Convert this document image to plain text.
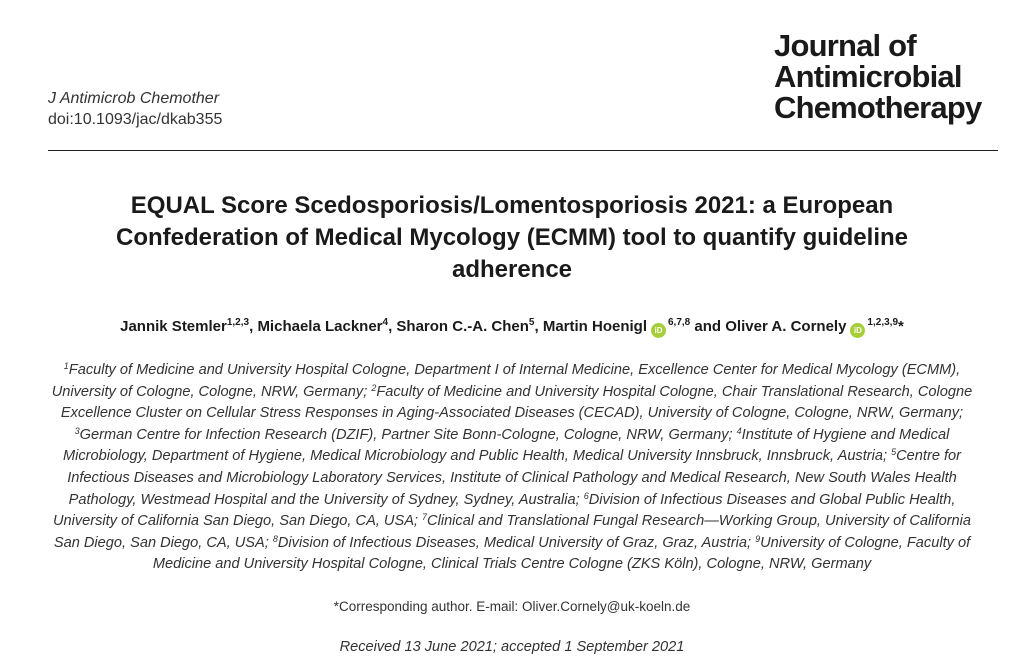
J Antimicrob Chemother
doi:10.1093/jac/dkab355
Journal of
Antimicrobial
Chemotherapy
EQUAL Score Scedosporiosis/Lomentosporiosis 2021: a European
Confederation of Medical Mycology (ECMM) tool to quantify guideline
adherence
Jannik Stemler$^{1,2,3}$, Michaela Lackner$^4$, Sharon C.-A. Chen$^5$, Martin Hoenigl iD$^{6,7,8}$ and Oliver A. Cornely iD$^{1,2,3,9}$*
$^1$Faculty of Medicine and University Hospital Cologne, Department I of Internal Medicine, Excellence Center for Medical Mycology (ECMM), University of Cologne, Cologne, NRW, Germany; $^2$Faculty of Medicine and University Hospital Cologne, Chair Translational Research, Cologne Excellence Cluster on Cellular Stress Responses in Aging-Associated Diseases (CECAD), University of Cologne, Cologne, NRW, Germany; $^3$German Centre for Infection Research (DZIF), Partner Site Bonn-Cologne, Cologne, NRW, Germany; $^4$Institute of Hygiene and Medical Microbiology, Department of Hygiene, Medical Microbiology and Public Health, Medical University Innsbruck, Innsbruck, Austria; $^5$Centre for Infectious Diseases and Microbiology Laboratory Services, Institute of Clinical Pathology and Medical Research, New South Wales Health Pathology, Westmead Hospital and the University of Sydney, Sydney, Australia; $^6$Division of Infectious Diseases and Global Public Health, University of California San Diego, San Diego, CA, USA; $^7$Clinical and Translational Fungal Research—Working Group, University of California San Diego, San Diego, CA, USA; $^8$Division of Infectious Diseases, Medical University of Graz, Graz, Austria; $^9$University of Cologne, Faculty of Medicine and University Hospital Cologne, Clinical Trials Centre Cologne (ZKS Köln), Cologne, NRW, Germany
*Corresponding author. E-mail: Oliver.Cornely@uk-koeln.de
Received 13 June 2021; accepted 1 September 2021
